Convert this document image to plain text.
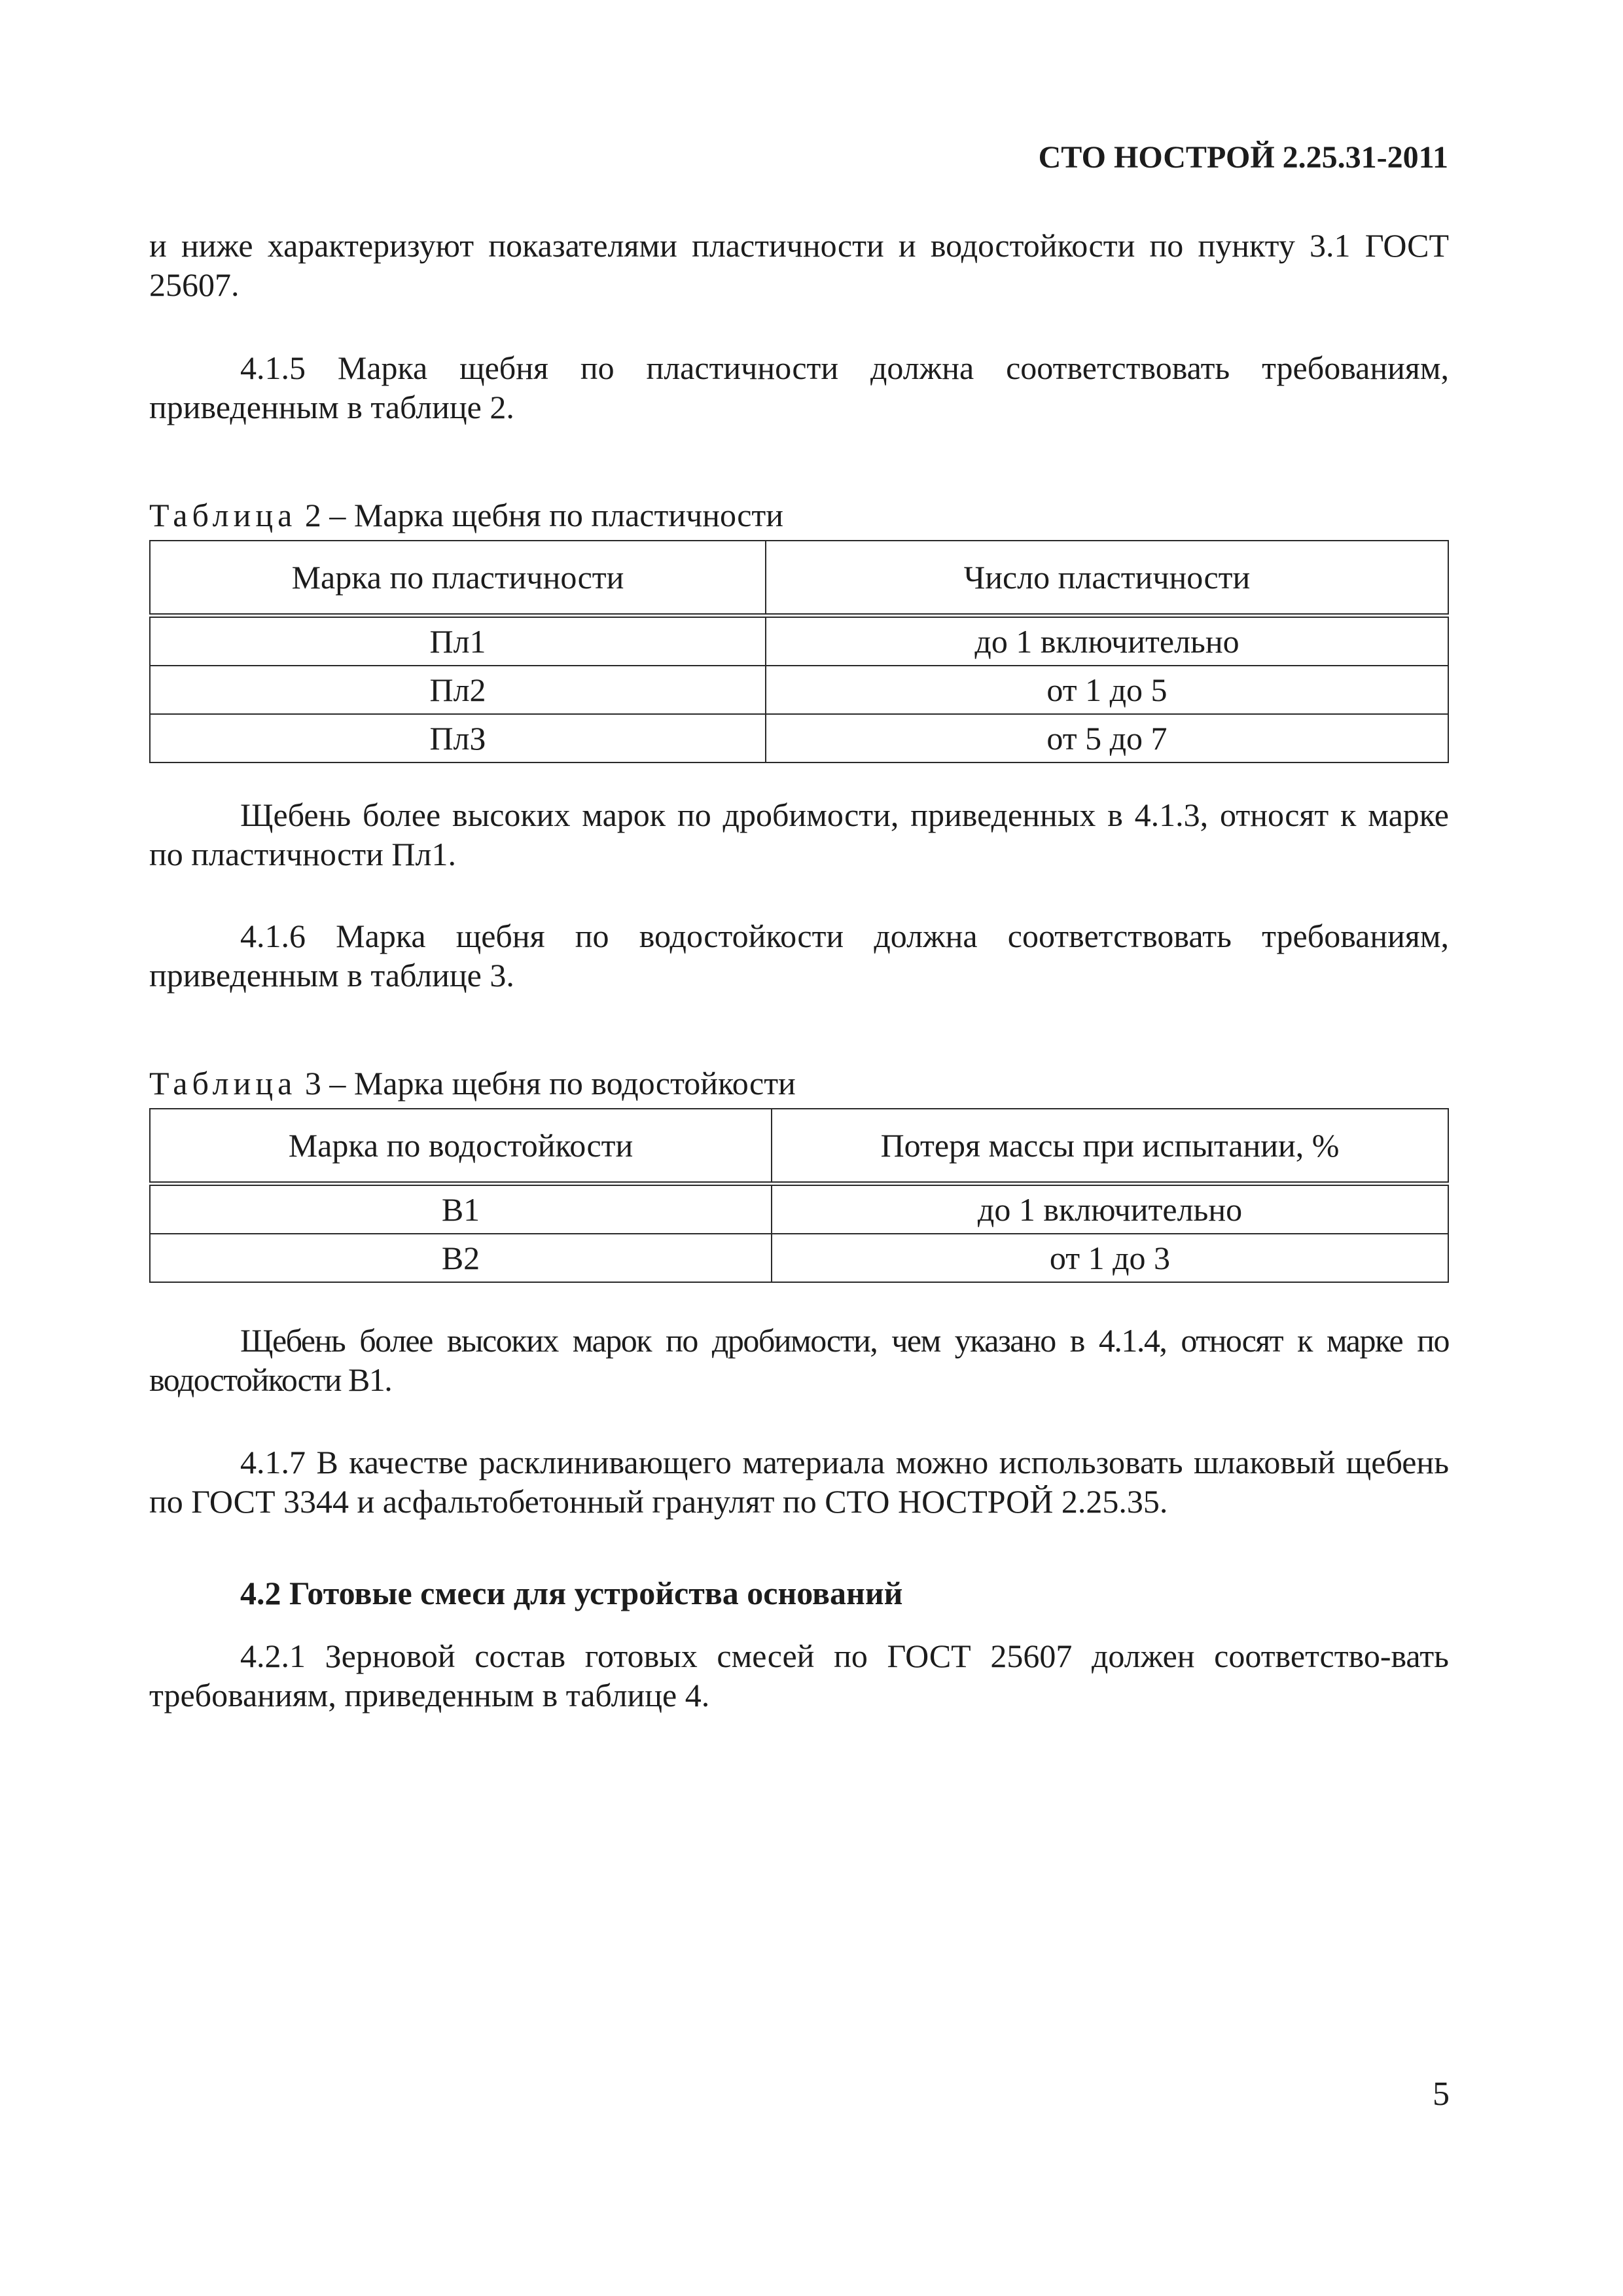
СТО НОСТРОЙ 2.25.31-2011
и ниже характеризуют показателями пластичности и водостойкости по пункту 3.1 ГОСТ 25607.
4.1.5 Марка щебня по пластичности должна соответствовать требованиям, приведенным в таблице 2.
Таблица 2 – Марка щебня по пластичности
Марка по пластичности	Число пластичности
Пл1	до 1 включительно
Пл2	от 1 до 5
ПлЗ	от 5 до 7
Щебень более высоких марок по дробимости, приведенных в 4.1.3, относят к марке по пластичности Пл1.
4.1.6 Марка щебня по водостойкости должна соответствовать требованиям, приведенным в таблице 3.
Таблица 3 – Марка щебня по водостойкости
Марка по водостойкости	Потеря массы при испытании, %
В1	до 1 включительно
В2	от 1 до 3
Щебень более высоких марок по дробимости, чем указано в 4.1.4, относят к марке по водостойкости В1.
4.1.7 В качестве расклинивающего материала можно использовать шлаковый щебень по ГОСТ 3344 и асфальтобетонный гранулят по СТО НОСТРОЙ 2.25.35.
4.2 Готовые смеси для устройства оснований
4.2.1 Зерновой состав готовых смесей по ГОСТ 25607 должен соответство-вать требованиям, приведенным в таблице 4.
5
